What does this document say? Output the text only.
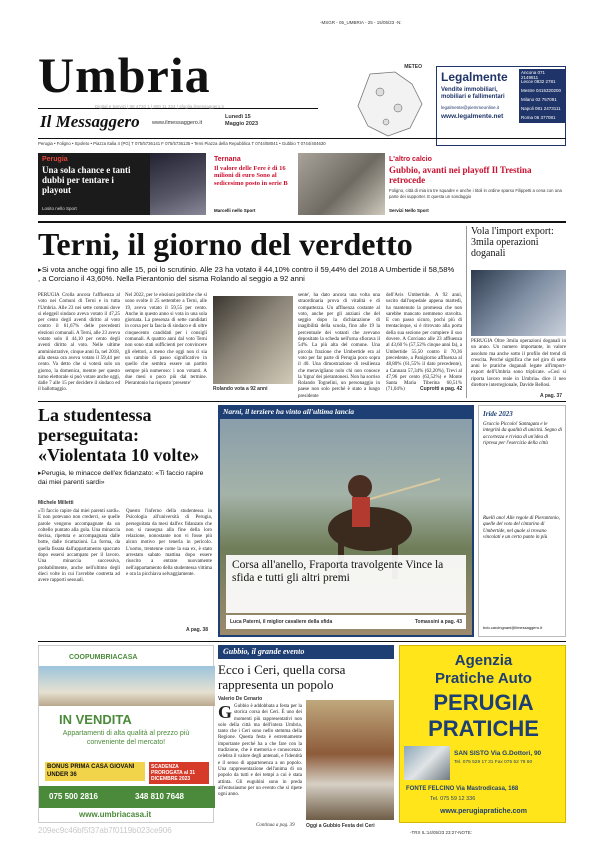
-MSGR - 05_UMBRIA - 25 - 15/05/23 -N:
Umbria
Il Messaggero www.ilmessaggero.it
Lunedì 15
Maggio 2023
Digital e Servizi | 06 4720 1 | 800 11 224 | sfoglia.ilmessaggero.it
METEO
Legalmente
Vendite immobiliari,
mobiliari e fallimentari
legalmente@piemmeonline.it
www.legalmente.net
Ancona 071 2149811
Lecce 0832 2781
Mestre 0415320200
Milano 02 757091
Napoli 081 2473111
Roma 06 377081
Perugia • Foligno • Spoleto • Piazza Italia 4 (PG) T 075/5736141 F 075/5736135 • Terni Piazza della Repubblica T 0744/58041 • Gubbio T 0744/404630
Perugia
Una sola chance e tanti dubbi per tentare i playout
Losito nello Sport
Ternana
Il valore delle Fere è di 16 milioni di euro Sono al sedicesimo posto in serie B
Marcelli nello Sport
L'altro calcio
Gubbio, avanti nei playoff Il Trestina retrocede
Foligno, città di mia ira tre squadre e anche i titoli in ordine sparso Filippetti a cena con una parte dei supporter. E questa un sondaggio
Servizi Nello Sport
Terni, il giorno del verdetto
▸Si vota anche oggi fino alle 15, poi lo scrutinio. Alle 23 ha votato il 44,10% contro il 59,44% del 2018 A Umbertide il 58,58% , a Corciano il 43,60%. Nella Pierantonio del sisma Rolando al seggio a 92 anni
PERUGIA Crolla ancora l'affluenza al voto nei Comuni di Terni e in tutta l'Umbria. Alle 23 nei sette comuni dove si eleggeil sindaco aveva votato il 47,25 per cento degli aventi diritto al voto contro il 61,67% delle precedenti elezioni comunali. A Terni, alle 23 aveva votato solo il 44,10 per cento degli aventi diritto al voto. Nelle ultime amministrative, cinque anni fa, nel 2018, alla stessa ora aveva votato il 59,44 per cento. Va detto che si voterà solo un giorno, la domenica, mentre per questo turno elettorale si può votare anche oggi, dalle 7 alle 15 per decidere il sindaco ed il ballottaggio.
Nel 2022, per le elezioni politiche che si sono svolte il 25 settembre a Terni, alle 19, aveva votato il 59,55 per cento. Anche in questo anno si vota in una sola giornata. La presenza di sette candidati in corsa per la fascia di sindaco e di oltre cinquecento candidati per i consigli comunali. A quattro anni dal voto Terni non sono stati sufficienti per convincere gli elettori, a meno che oggi non ci sia un cambio di passo significativo in quello che sembra essere un partito sempre più numeroso: i non votanti. A due mesi o poco più dal termine. Pierantonio ha risposto 'presente'
Rolando vota a 92 anni
sente', ha dato ancora una volta una straordinaria prova di vitalità e di compattezza. Un affluenza costante al voto, anche per gli anziani che del seggio dopo la dichiarazione di inagibilità della scuola, fino alle 19 la percentuale dei votanti che avevano depositato la scheda nell'urna sfiorava il 54%. La più alta del comune. Una piccola frazione che Umbertide era al voto per far parte di Perugia poco sopra il 40. Una dimostrazione di resilienza che meravigliano nolo chi non conosce la 'tigna' dei pierantonesi. Non ha sorriso Rolando Tognelini, un personaggio in paese non solo perché è stato a lungo presidente
dell'Avis Umbertide. A 92 anni, uscito dall'ospedale appena martedì, ha mantenuto la promessa che non sarebbe mancato nemmeno stavolta. E con passo sicuro, pochi più di trentacinque, si è ritrovato alla porta della sua sezione per compiere il suo dovere. A Corciano alle 23 affluenza al 43,60 % (57,52% cinque anni fa), a Umbertide 55,50 contro il 70,36 precedente, a Panigiorno affluenza al 48,80% (61,55% il dato precedente), a Cannara 57,34% (62,20%), Trevi al 47,96 per cento (63,52%) e Monte Santa Maria Tiberina 60,51% (71,04%)	Cuprotti a pag. 42
Vola l'import export: 3mila operazioni doganali
PERUGIA Oltre 3mila operazioni doganali in un anno. Un numero importante, in valore assoluto ma anche sotto il profilo del trend di crescita. Perché significa che nel giro di sette anni le pratiche doganali legate all'import-export dell'Umbria sono triplicate. «Così si riporta lavoro reale in Umbria» dice il neo direttore interregionale, Davide Bellosi.
A pag. 37
La studentessa perseguitata: «Violentata 10 volte»
▸Perugia, le minacce dell'ex fidanzato: «Ti faccio rapire dai miei parenti sardi»
Michele Milletti
«Ti faccio rapire dai miei parenti sardi». E non potevano non crederci, se quelle parole vengono accompagnate da un coltello puntato alla gola. Una minaccia decisa, ripetuta e accompagnata dalle botte, dalle ricattazioni. La forma, da quella fissata dall'appartamento spaccato dopo essersi accampato per il lavoro. Una minaccia successiva, probabilmente, anche nell'ultimo degli dieci volte in cui l'avrebbe costretta ad avere rapporti sessuali.
Questo l'inferno della studentessa in Psicologia all'università di Perugia, perseguitata da mesi dall'ex fidanzato che non si rassegna alla fine della loro relazione, nonostante non vi fosse più alcun motivo per tenerla in pericolo. L'uomo, trentenne come la sua ex, è stato arrestato sabato mattina dopo essere riuscito a entrare nuovamente nell'appartamento della studentessa vittima e ora la picchiava selvaggiamente.
A pag. 38
Narni, il terziere ha vinto all'ultima lancia
Corsa all'anello, Fraporta travolgente Vince la sfida e tutti gli altri premi
Luca Paterni, il miglior cavaliere della sfida	Tomassini a pag. 43
Iride 2023
Gruccio Piccolo! Santagata e le integrità da qualità di unicità. Segno di accortezza e rivista di un'idea di ripresa per l'esercizio della città
Ruelli ano! Alle regole di Pierantonio, quelle del voto del cinturino di Umbertide, nel quale si trovano vincolati e un certo punto in più
bdo.carcingnani@ilmessaggero.it
COOPUMBRIACASA
IN VENDITA
Appartamenti di alta qualità al prezzo più conveniente del mercato!
BONUS PRIMA CASA GIOVANI UNDER 36
SCADENZA PROROGATA al 31 DICEMBRE 2023
075 500 2816	348 810 7648
www.umbriacasa.it
209ec9c46bf5f37ab7f0119b023ce906
Gubbio, il grande evento
Ecco i Ceri, quella corsa rappresenta un popolo
Valerio De Cenario
G Gubbio è addobbata a festa per la storica corsa dei Ceri. È uno dei momenti più rappresentativi non solo della città ma dell'intera Umbria, tanto che i Ceri sono nello stemma della Regione. Questa festa è estremamente importante perché ha a che fare con la tradizione, che è memoria e conoscenza: celebra il valore degli antenati, e l'identità e il senso di appartenenza a un popolo. Una rappresentazione dell'anima di un popolo da tutti e dei tempi a cui è stata attinta. Gli eugubini sono in preda all'entusiasmo per un evento che si ripete ogni anno.
Continua a pag. 39 Oggi a Gubbio Festa dei Ceri
Agenzia
Pratiche Auto
PERUGIA
PRATICHE
SAN SISTO Via G.Dottori, 90
Tel. 075 529 17 31 Fax 075 52 78 60
FONTE FELCINO Via Mastrodicasa, 168
Tel. 075 59 12 336
www.perugiapratiche.com
-TRX IL:14/05/23 23:27-NOTE:
